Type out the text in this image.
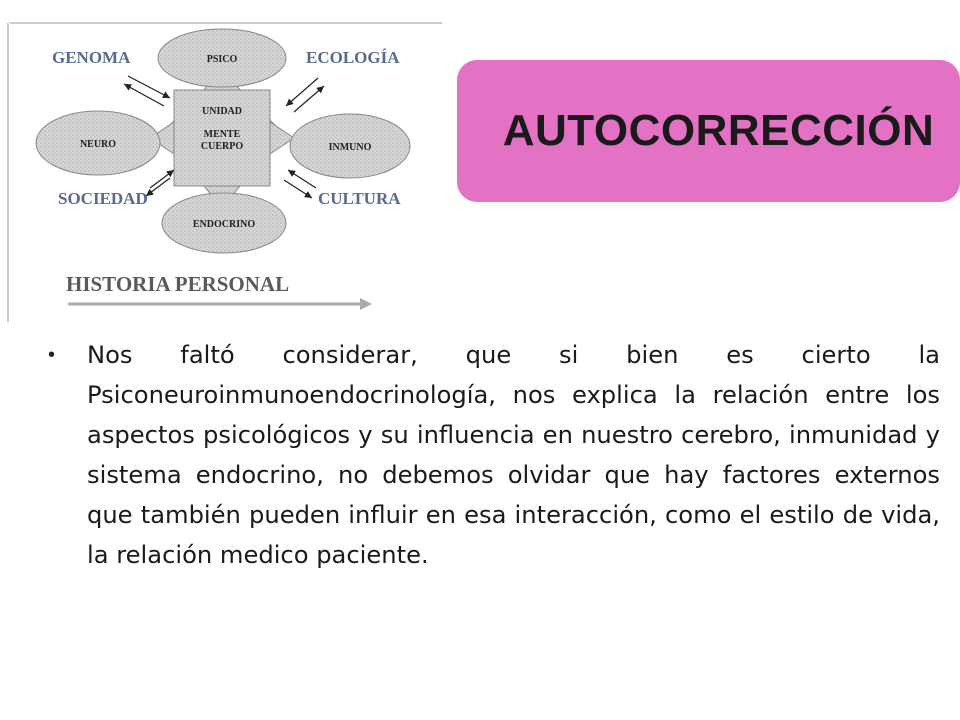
PSICO
NEURO	INMUNO
ENDOCRINO
UNIDAD
MENTE
CUERPO
GENOMA	ECOLOGÍA
SOCIEDAD	CULTURA
HISTORIA PERSONAL
AUTOCORRECCIÓN
• Nos faltó considerar, que si bien es cierto la Psiconeuroinmunoendocrinología, nos explica la relación entre los aspectos psicológicos y su influencia en nuestro cerebro, inmunidad y sistema endocrino, no debemos olvidar que hay factores externos que también pueden influir en esa interacción, como el estilo de vida, la relación medico paciente.
